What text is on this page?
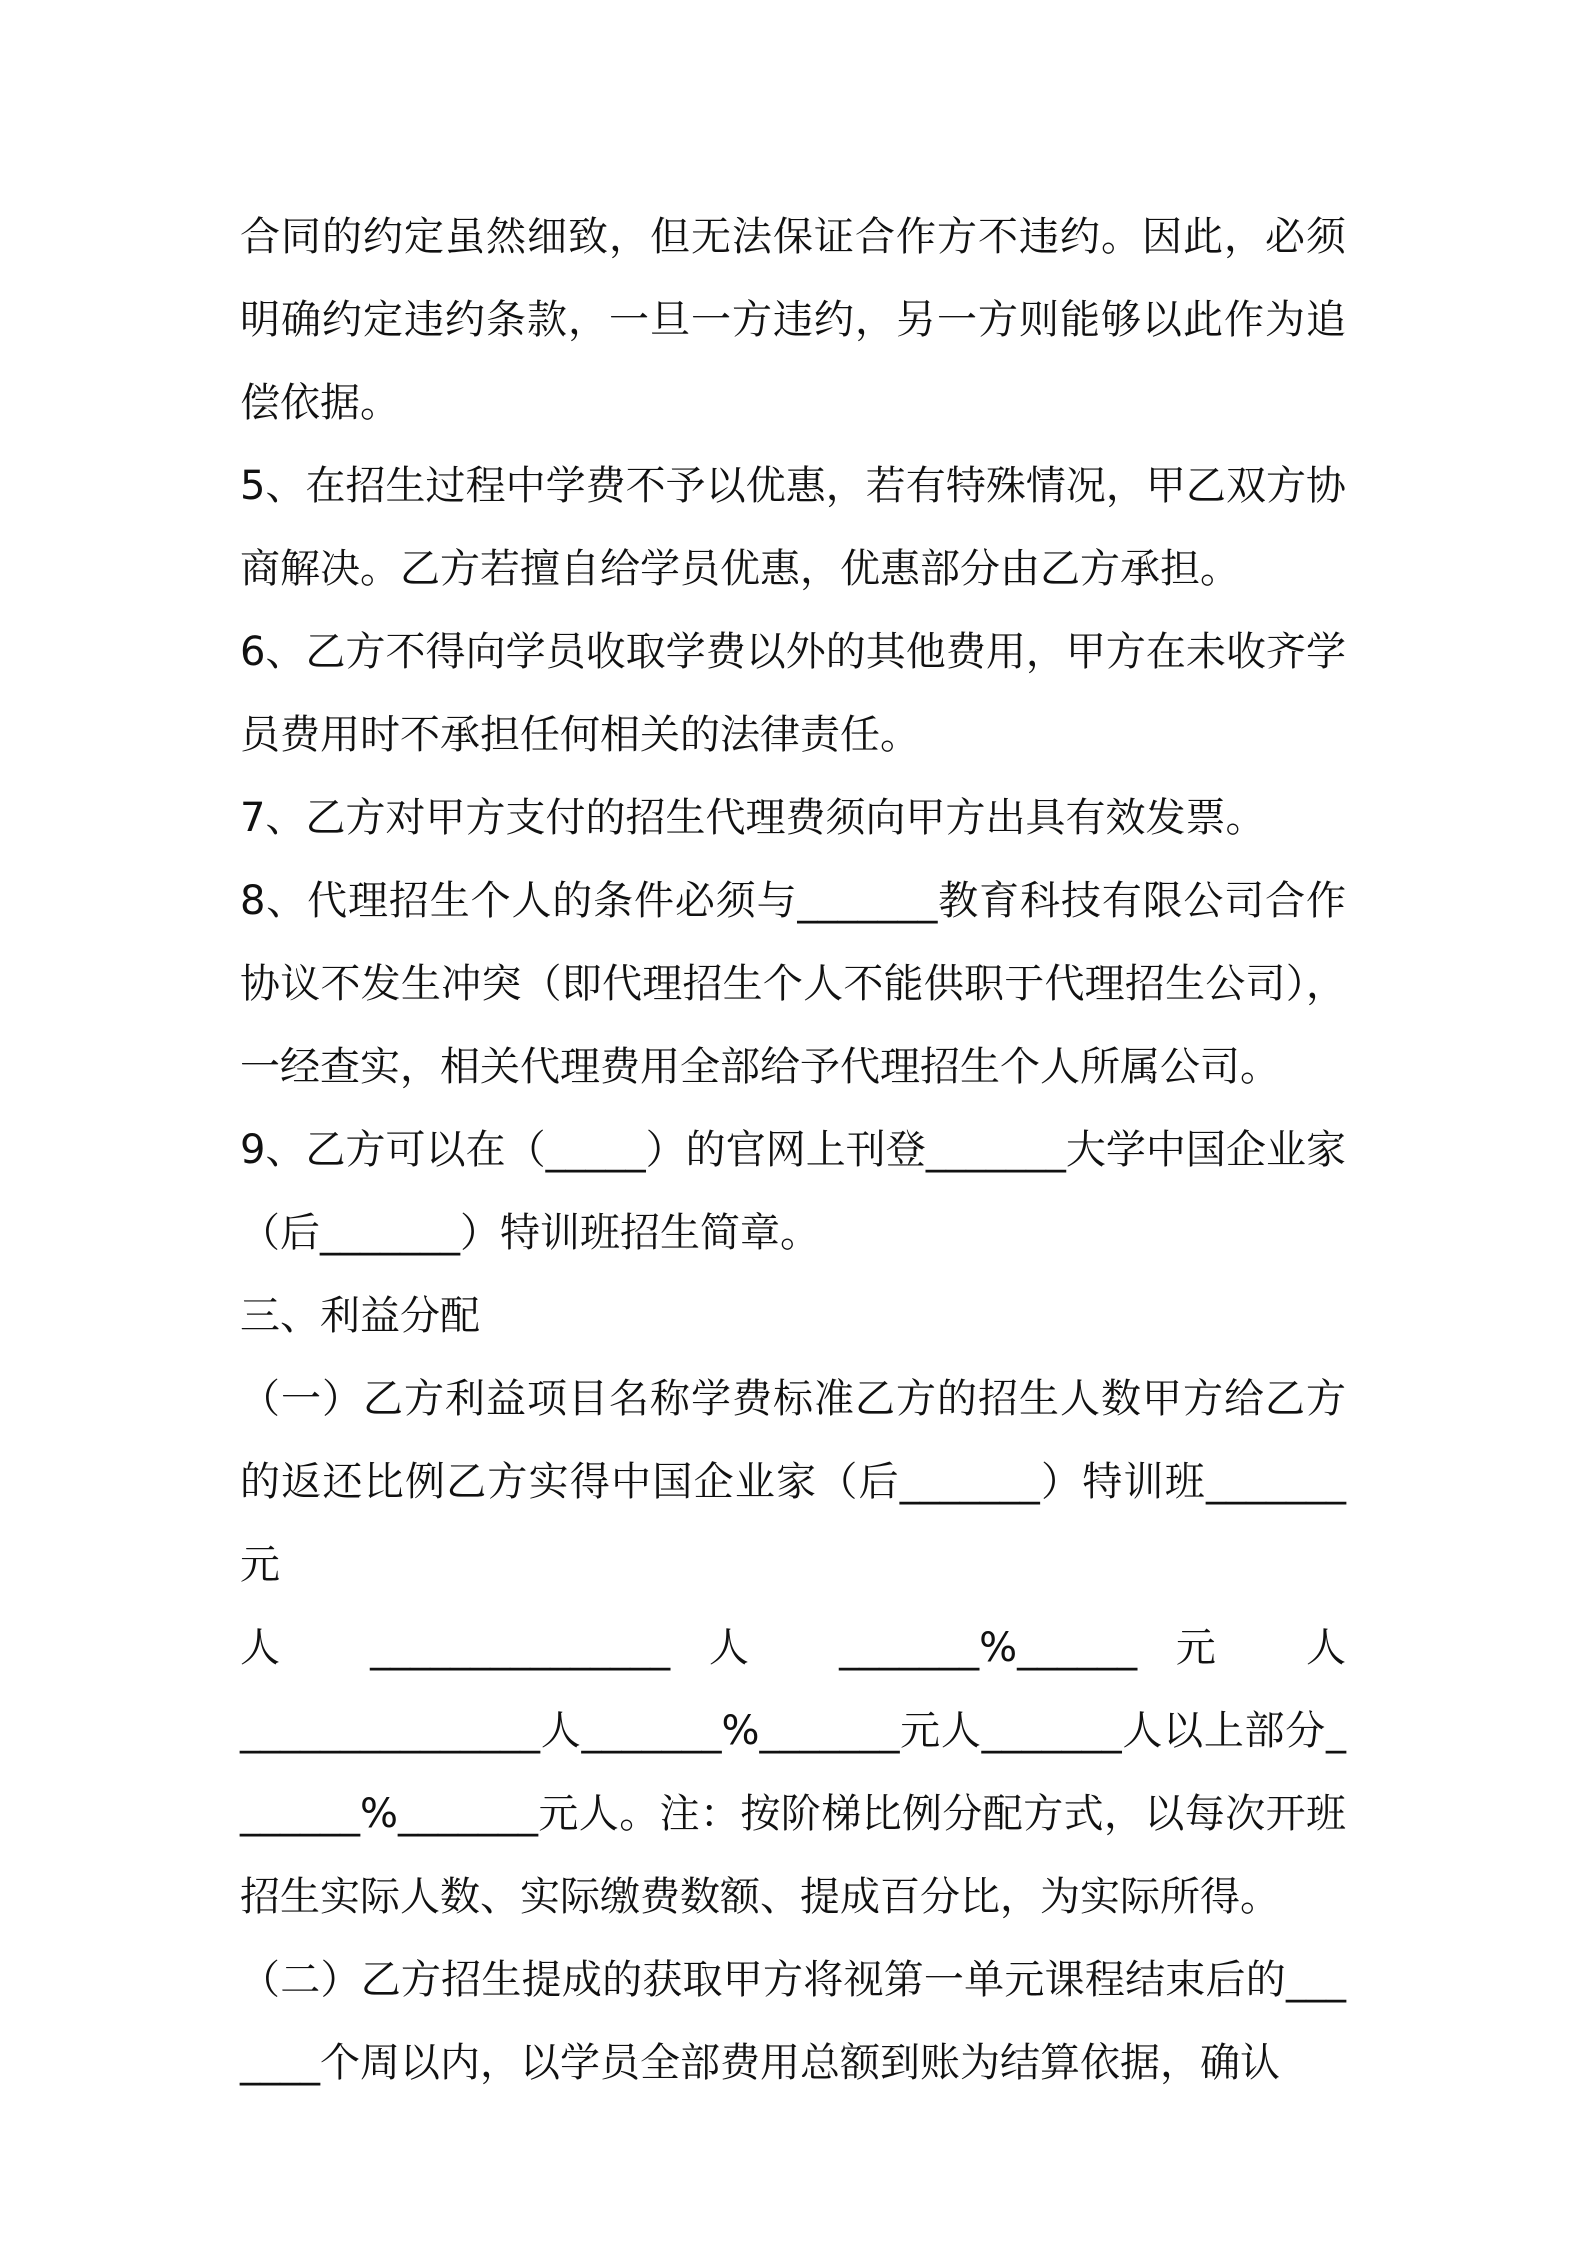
合同的约定虽然细致，但无法保证合作方不违约。因此，必须明确约定违约条款，一旦一方违约，另一方则能够以此作为追偿依据。

5、在招生过程中学费不予以优惠，若有特殊情况，甲乙双方协商解决。乙方若擅自给学员优惠，优惠部分由乙方承担。

6、乙方不得向学员收取学费以外的其他费用，甲方在未收齐学员费用时不承担任何相关的法律责任。

7、乙方对甲方支付的招生代理费须向甲方出具有效发票。

8、代理招生个人的条件必须与_______教育科技有限公司合作协议不发生冲突（即代理招生个人不能供职于代理招生公司），一经查实，相关代理费用全部给予代理招生个人所属公司。

9、乙方可以在（_____）的官网上刊登_______大学中国企业家（后_______）特训班招生简章。

三、利益分配

（一）乙方利益项目名称学费标准乙方的招生人数甲方给乙方的返还比例乙方实得中国企业家（后_______）特训班_______元

人 _______________人 _______%______元 人

_______________人_______%_______元人_______人以上部分_______%_______元人。注：按阶梯比例分配方式，以每次开班招生实际人数、实际缴费数额、提成百分比，为实际所得。

（二）乙方招生提成的获取甲方将视第一单元课程结束后的_______个周以内，以学员全部费用总额到账为结算依据，确认
